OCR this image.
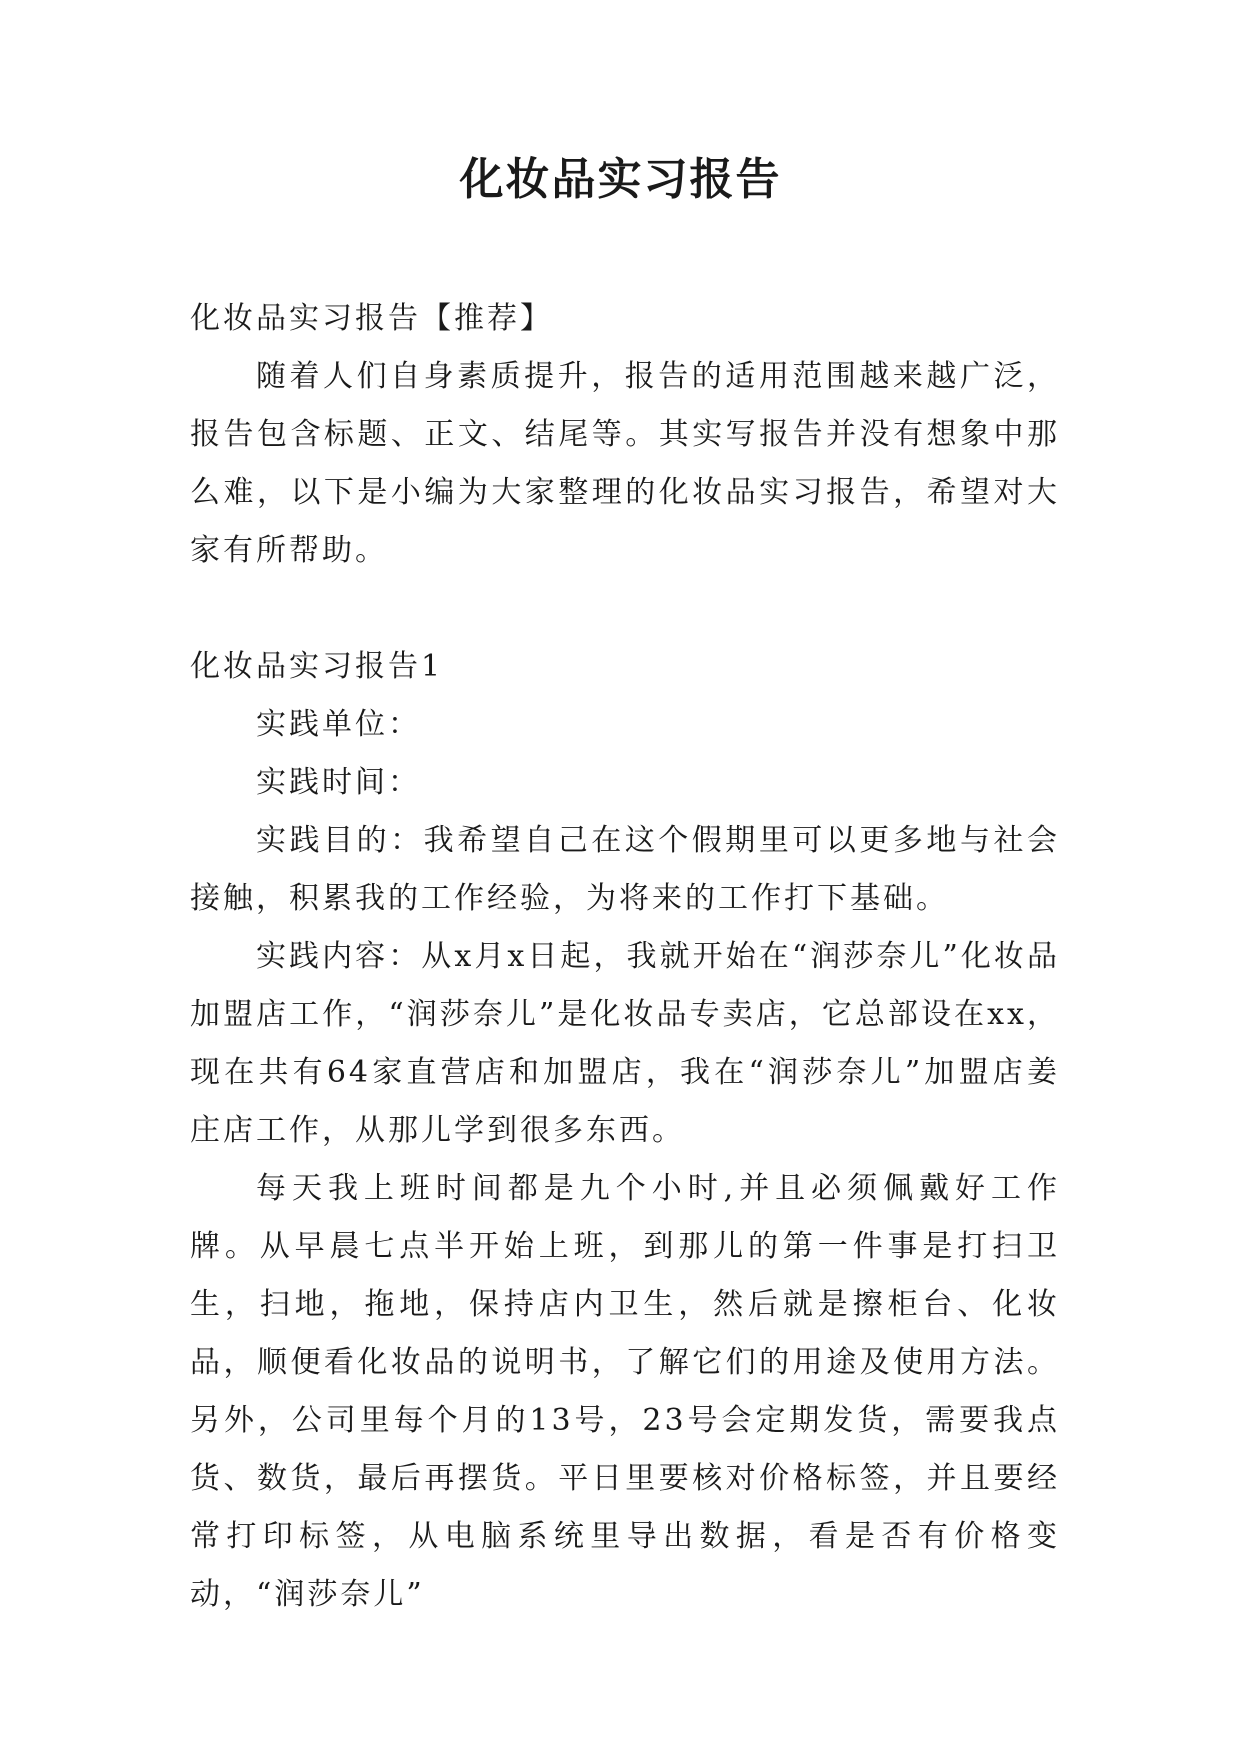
化妆品实习报告

化妆品实习报告【推荐】

随着人们自身素质提升，报告的适用范围越来越广泛，报告包含标题、正文、结尾等。其实写报告并没有想象中那么难，以下是小编为大家整理的化妆品实习报告，希望对大家有所帮助。

化妆品实习报告1

实践单位：

实践时间：

实践目的：我希望自己在这个假期里可以更多地与社会接触，积累我的工作经验，为将来的工作打下基础。

实践内容：从x月x日起，我就开始在“润莎奈儿”化妆品加盟店工作，“润莎奈儿”是化妆品专卖店，它总部设在xx，现在共有64家直营店和加盟店，我在“润莎奈儿”加盟店姜庄店工作，从那儿学到很多东西。

每天我上班时间都是九个小时,并且必须佩戴好工作牌。从早晨七点半开始上班，到那儿的第一件事是打扫卫生，扫地，拖地，保持店内卫生，然后就是擦柜台、化妆品，顺便看化妆品的说明书，了解它们的用途及使用方法。另外，公司里每个月的13号，23号会定期发货，需要我点货、数货，最后再摆货。平日里要核对价格标签，并且要经常打印标签，从电脑系统里导出数据，看是否有价格变动，“润莎奈儿”
